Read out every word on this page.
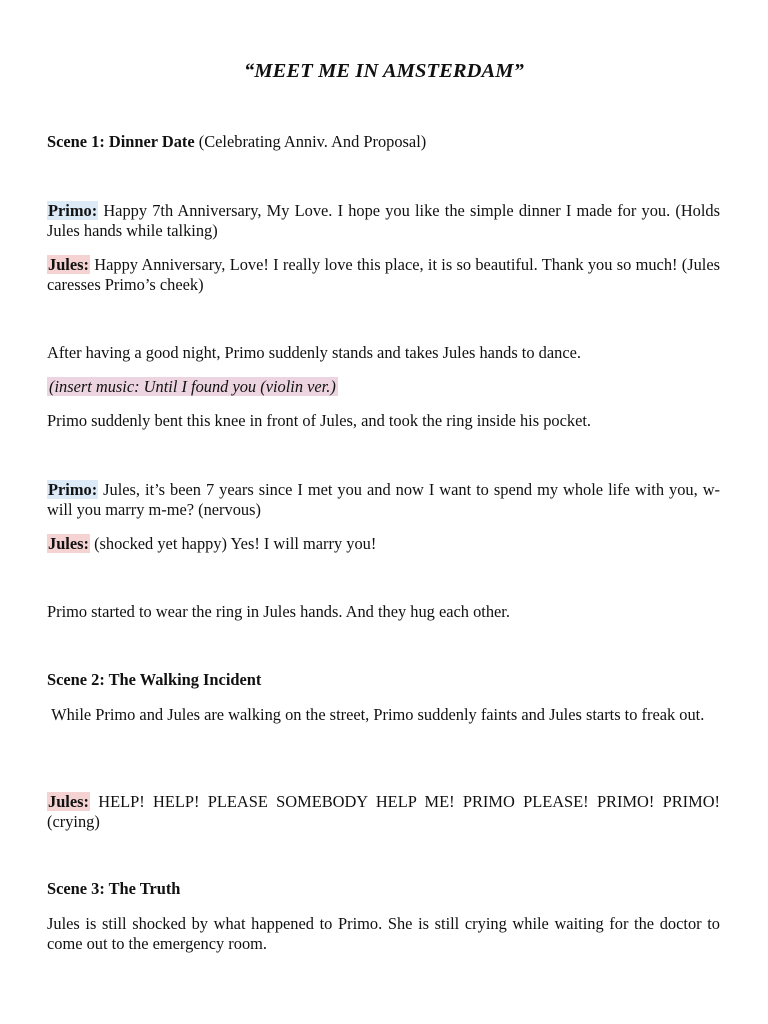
“MEET ME IN AMSTERDAM”

Scene 1: Dinner Date (Celebrating Anniv. And Proposal)

Primo: Happy 7th Anniversary, My Love. I hope you like the simple dinner I made for you. (Holds Jules hands while talking)

Jules: Happy Anniversary, Love! I really love this place, it is so beautiful. Thank you so much! (Jules caresses Primo’s cheek)

After having a good night, Primo suddenly stands and takes Jules hands to dance.

(insert music: Until I found you (violin ver.)

Primo suddenly bent this knee in front of Jules, and took the ring inside his pocket.

Primo: Jules, it’s been 7 years since I met you and now I want to spend my whole life with you, w-will you marry m-me? (nervous)

Jules: (shocked yet happy) Yes! I will marry you!

Primo started to wear the ring in Jules hands. And they hug each other.

Scene 2: The Walking Incident

While Primo and Jules are walking on the street, Primo suddenly faints and Jules starts to freak out.

Jules: HELP! HELP! PLEASE SOMEBODY HELP ME! PRIMO PLEASE! PRIMO! PRIMO! (crying)

Scene 3: The Truth

Jules is still shocked by what happened to Primo. She is still crying while waiting for the doctor to come out to the emergency room.
